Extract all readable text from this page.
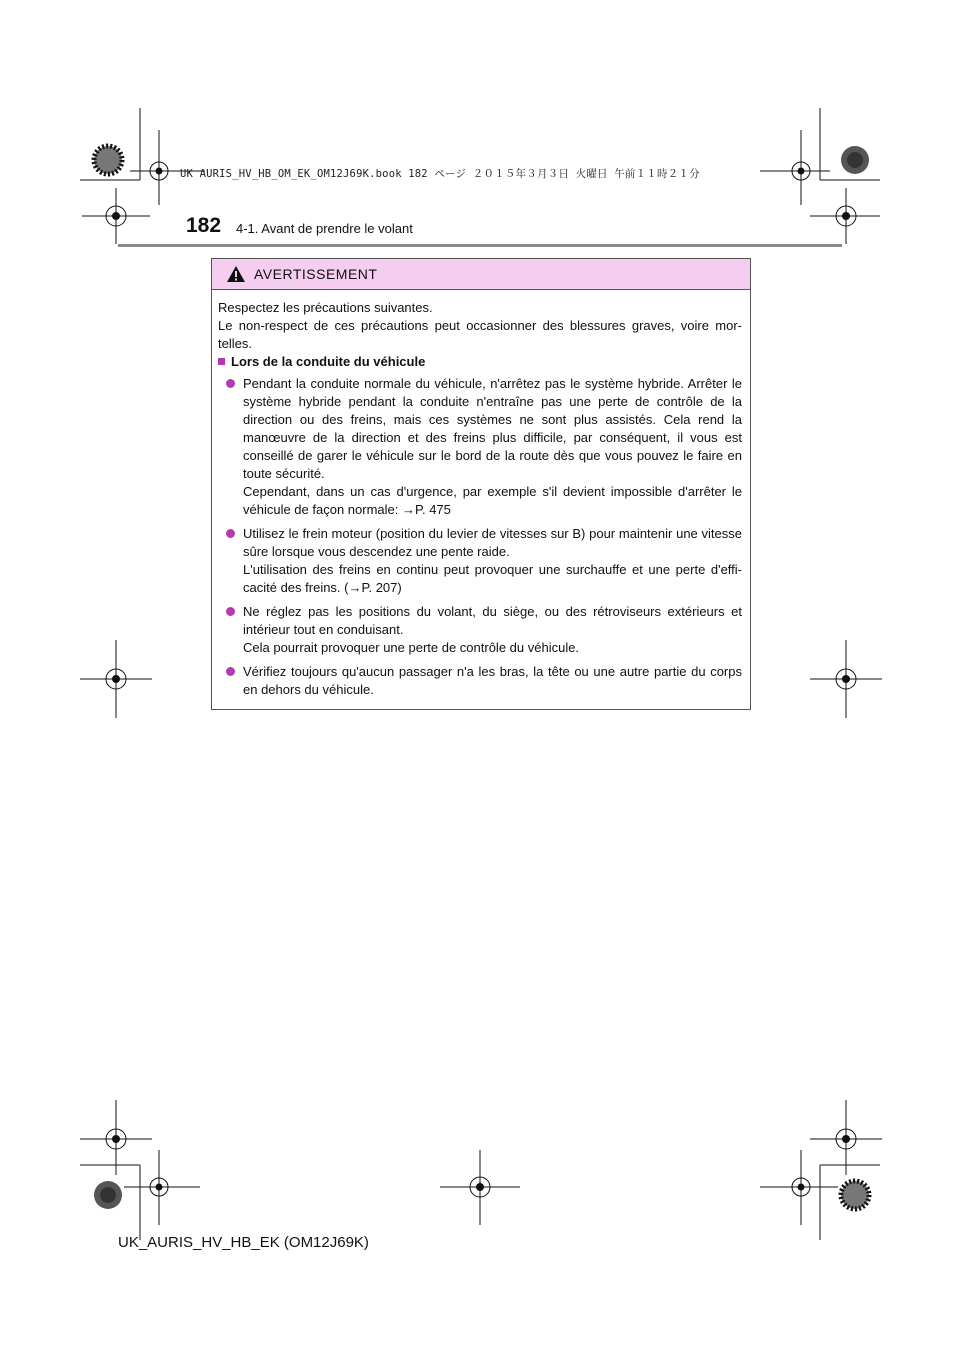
UK AURIS_HV_HB_OM_EK_OM12J69K.book 182 ページ ２０１５年３月３日 火曜日 午前１１時２１分
182 4-1. Avant de prendre le volant
AVERTISSEMENT

Respectez les précautions suivantes.
Le non-respect de ces précautions peut occasionner des blessures graves, voire mor-telles.

Lors de la conduite du véhicule

Pendant la conduite normale du véhicule, n'arrêtez pas le système hybride. Arrêter le système hybride pendant la conduite n'entraîne pas une perte de contrôle de la direction ou des freins, mais ces systèmes ne sont plus assistés. Cela rend la manœuvre de la direction et des freins plus difficile, par conséquent, il vous est conseillé de garer le véhicule sur le bord de la route dès que vous pouvez le faire en toute sécurité.
Cependant, dans un cas d'urgence, par exemple s'il devient impossible d'arrêter le véhicule de façon normale: →P. 475

Utilisez le frein moteur (position du levier de vitesses sur B) pour maintenir une vitesse sûre lorsque vous descendez une pente raide.
L'utilisation des freins en continu peut provoquer une surchauffe et une perte d'effi-cacité des freins. (→P. 207)

Ne réglez pas les positions du volant, du siège, ou des rétroviseurs extérieurs et intérieur tout en conduisant.
Cela pourrait provoquer une perte de contrôle du véhicule.

Vérifiez toujours qu'aucun passager n'a les bras, la tête ou une autre partie du corps en dehors du véhicule.

UK_AURIS_HV_HB_EK (OM12J69K)
